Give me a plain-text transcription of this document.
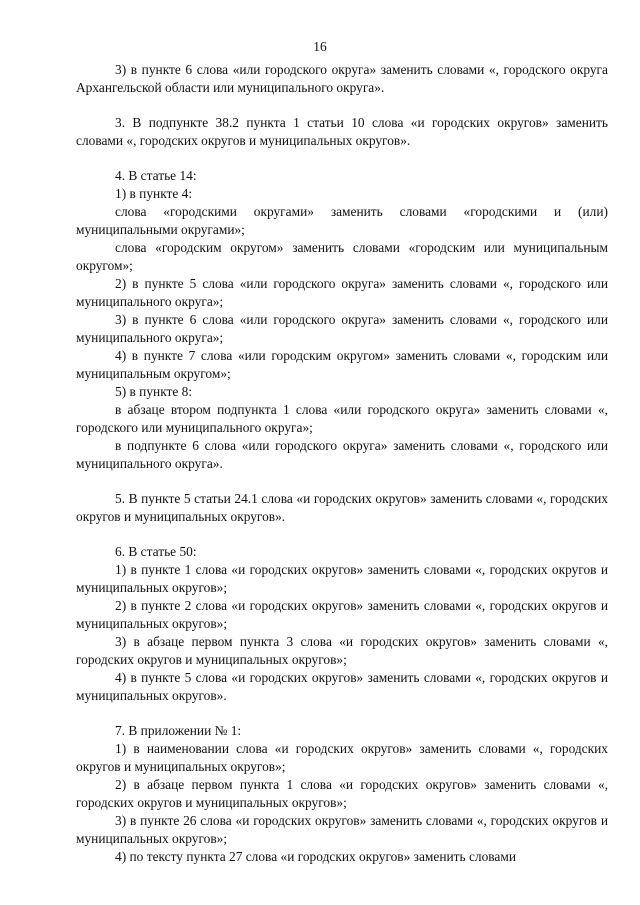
16

3) в пункте 6 слова «или городского округа» заменить словами «, городского округа Архангельской области или муниципального округа».

3. В подпункте 38.2 пункта 1 статьи 10 слова «и городских округов» заменить словами «, городских округов и муниципальных округов».

4. В статье 14:

1) в пункте 4:

слова «городскими округами» заменить словами «городскими и (или) муниципальными округами»;

слова «городским округом» заменить словами «городским или муниципальным округом»;

2) в пункте 5 слова «или городского округа» заменить словами «, городского или муниципального округа»;

3) в пункте 6 слова «или городского округа» заменить словами «, городского или муниципального округа»;

4) в пункте 7 слова «или городским округом» заменить словами «, городским или муниципальным округом»;

5) в пункте 8:

в абзаце втором подпункта 1 слова «или городского округа» заменить словами «, городского или муниципального округа»;

в подпункте 6 слова «или городского округа» заменить словами «, городского или муниципального округа».

5. В пункте 5 статьи 24.1 слова «и городских округов» заменить словами «, городских округов и муниципальных округов».

6. В статье 50:

1) в пункте 1 слова «и городских округов» заменить словами «, городских округов и муниципальных округов»;

2) в пункте 2 слова «и городских округов» заменить словами «, городских округов и муниципальных округов»;

3) в абзаце первом пункта 3 слова «и городских округов» заменить словами «, городских округов и муниципальных округов»;

4) в пункте 5 слова «и городских округов» заменить словами «, городских округов и муниципальных округов».

7. В приложении № 1:

1) в наименовании слова «и городских округов» заменить словами «, городских округов и муниципальных округов»;

2) в абзаце первом пункта 1 слова «и городских округов» заменить словами «, городских округов и муниципальных округов»;

3) в пункте 26 слова «и городских округов» заменить словами «, городских округов и муниципальных округов»;

4) по тексту пункта 27 слова «и городских округов» заменить словами
